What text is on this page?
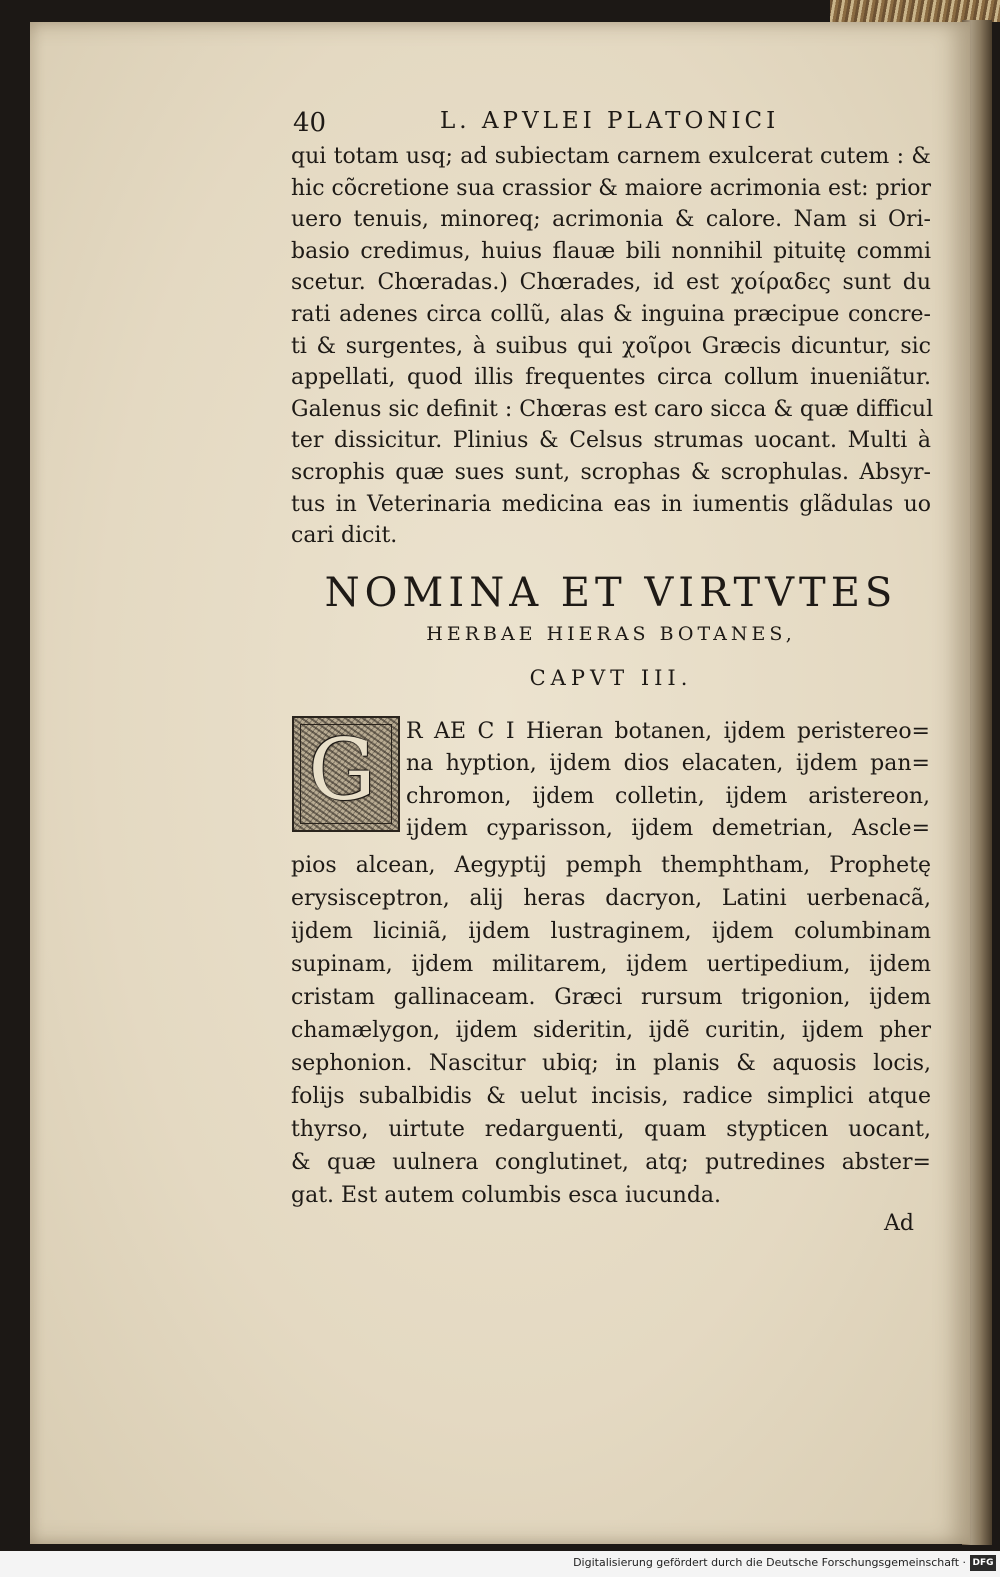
40	L. APVLEI PLATONICI
qui totam usq; ad subiectam carnem exulcerat cutem : &
hic cõcretione sua crassior & maiore acrimonia est: prior
uero tenuis, minoreq; acrimonia & calore. Nam si Ori-
basio credimus, huius flauæ bili nonnihil pituitę commi
scetur. Chœradas.) Chœrades, id est χοίραδες sunt du
rati adenes circa collũ, alas & inguina præcipue concre-
ti & surgentes, à suibus qui χοῖροι Græcis dicuntur, sic
appellati, quod illis frequentes circa collum inueniãtur.
Galenus sic definit : Chœras est caro sicca & quæ difficul
ter dissicitur. Plinius & Celsus strumas uocant. Multi à
scrophis quæ sues sunt, scrophas & scrophulas. Absyr-
tus in Veterinaria medicina eas in iumentis glãdulas uo
cari dicit.
NOMINA ET VIRTVTES
HERBAE HIERAS BOTANES,
CAPVT III.
G	R AE C I Hieran botanen, ijdem peristereo=
na hyption, ijdem dios elacaten, ijdem pan=
chromon, ijdem colletin, ijdem aristereon,
ijdem cyparisson, ijdem demetrian, Ascle=
pios alcean, Aegyptij pemph themphtham, Prophetę
erysisceptron, alij heras dacryon, Latini uerbenacã,
ijdem liciniã, ijdem lustraginem, ijdem columbinam
supinam, ijdem militarem, ijdem uertipedium, ijdem
cristam gallinaceam. Græci rursum trigonion, ijdem
chamælygon, ijdem sideritin, ijdẽ curitin, ijdem pher
sephonion. Nascitur ubiq; in planis & aquosis locis,
folijs subalbidis & uelut incisis, radice simplici atque
thyrso, uirtute redarguenti, quam stypticen uocant,
& quæ uulnera conglutinet, atq; putredines abster=
gat. Est autem columbis esca iucunda.
Ad
Digitalisierung gefördert durch die Deutsche Forschungsgemeinschaft · DFG
